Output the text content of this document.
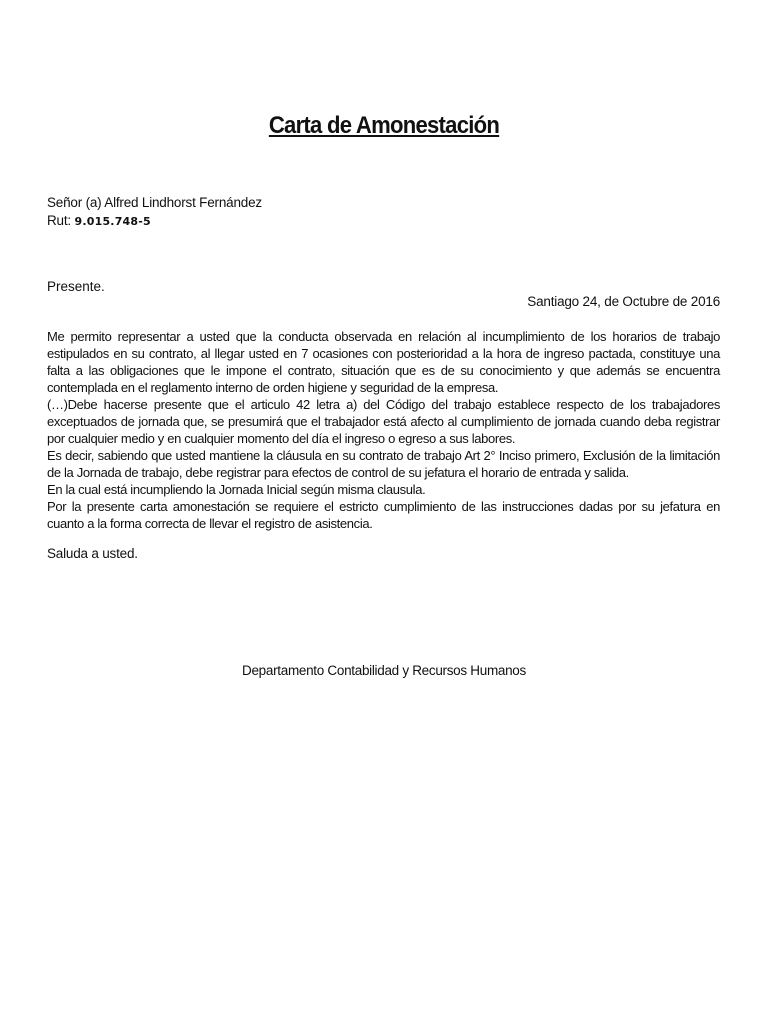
Carta de Amonestación
Señor (a) Alfred Lindhorst Fernández
Rut: 9.015.748-5
Presente.
Santiago 24, de Octubre de 2016

Me permito representar a usted que la conducta observada en relación al incumplimiento de los horarios de trabajo estipulados en su contrato, al llegar usted en 7 ocasiones con posterioridad a la hora de ingreso pactada, constituye una falta a las obligaciones que le impone el contrato, situación que es de su conocimiento y que además se encuentra contemplada en el reglamento interno de orden higiene y seguridad de la empresa.

(…)Debe hacerse presente que el articulo 42 letra a) del Código del trabajo establece respecto de los trabajadores exceptuados de jornada que, se presumirá que el trabajador está afecto al cumplimiento de jornada cuando deba registrar por cualquier medio y en cualquier momento del día el ingreso o egreso a sus labores.

Es decir, sabiendo que usted mantiene la cláusula en su contrato de trabajo Art 2° Inciso primero, Exclusión de la limitación de la Jornada de trabajo, debe registrar para efectos de control de su jefatura el horario de entrada y salida.

En la cual está incumpliendo la Jornada Inicial según misma clausula.

Por la presente carta amonestación se requiere el estricto cumplimiento de las instrucciones dadas por su jefatura en cuanto a la forma correcta de llevar el registro de asistencia.

Saluda a usted.
Departamento Contabilidad y Recursos Humanos
